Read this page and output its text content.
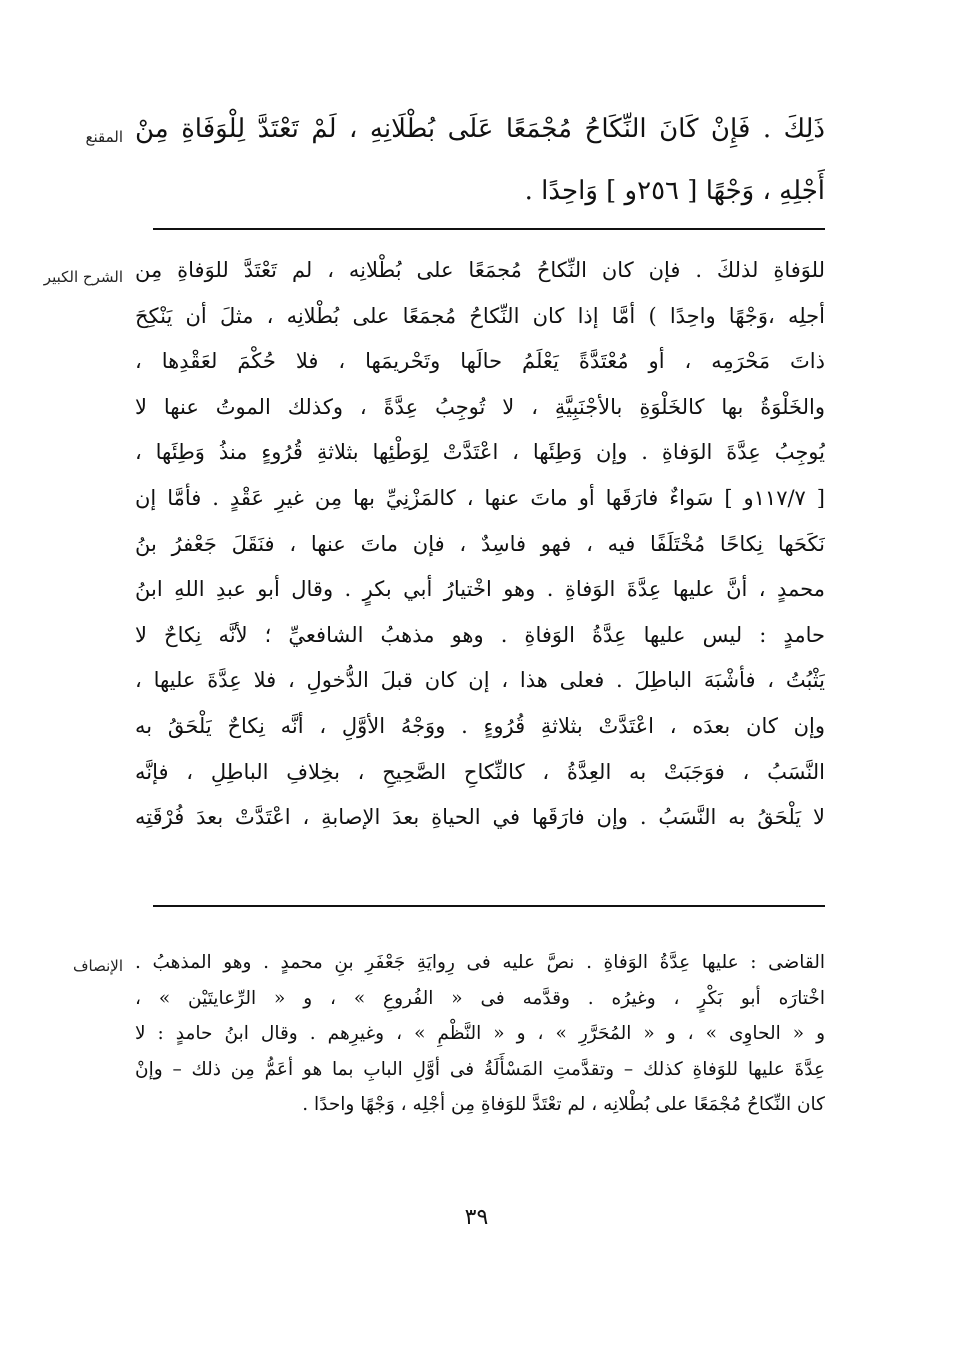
المقنع ذَلِكَ . فَإِنْ كَانَ النِّكَاحُ مُجْمَعًا عَلَى بُطْلَانِهِ ، لَمْ تَعْتَدَّ لِلْوَفَاةِ مِنْ
أَجْلِهِ ، وَجْهًا [ ٢٥٦و ] وَاحِدًا .
الشرح الكبير للوَفاةِ لذلكَ . فإن كان النِّكاحُ مُجمَعًا على بُطْلانِه ، لم تَعْتَدَّ للوَفاةِ مِن
أجلِه ،وَجْهًا واحِدًا ) أمَّا إذا كان النِّكاحُ مُجمَعًا على بُطْلانِه ، مثلَ أن يَنْكِحَ
ذاتَ مَحْرَمِه ، أو مُعْتَدَّةً يَعْلَمُ حالَها وتَحْريمَها ، فلا حُكْمَ لعَقْدِها ،
والخَلْوَةُ بها كالخَلْوَةِ بالأجْنَبِيَّةِ ، لا تُوجِبُ عِدَّةً ، وكذلك الموتُ عنها لا
يُوجِبُ عِدَّةَ الوَفاةِ . وإن وَطِئَها ، اعْتَدَّتْ لِوَطْئِها بثلاثةِ قُرُوءٍ منذُ وَطِئَها ،
[ ١١٧/٧و ] سَواءٌ فارَقَها أو ماتَ عنها ، كالمَزْنِيِّ بها مِن غيرِ عَقْدٍ . فأمَّا إن
نَكَحَها نِكاحًا مُخْتَلَفًا فيه ، فهو فاسِدٌ ، فإن ماتَ عنها ، فنَقَلَ جَعْفرُ بنُ
محمدٍ ، أنَّ عليها عِدَّةَ الوَفاةِ . وهو اخْتيارُ أبي بكرٍ . وقال أبو عبدِ اللهِ ابنُ
حامدٍ : ليس عليها عِدَّةُ الوَفاةِ . وهو مذهبُ الشافعيِّ ؛ لأنَّه نِكاحٌ لا
يَثْبُتُ ، فأشْبَهَ الباطِلَ . فعلى هذا ، إن كان قبلَ الدُّخولِ ، فلا عِدَّةَ عليها ،
وإن كان بعدَه ، اعْتَدَّتْ بثلاثةِ قُرُوءٍ . ووَجْهُ الأوَّلِ ، أنَّه نِكاحٌ يَلْحَقُ به
النَّسَبُ ، فوَجَبَتْ به العِدَّةُ ، كالنِّكاحِ الصَّحِيحِ ، بخِلافِ الباطِلِ ، فإنَّه
لا يَلْحَقُ به النَّسَبُ . وإن فارَقَها في الحياةِ بعدَ الإصابةِ ، اعْتَدَّتْ بعدَ فُرْقَتِه
الإنصاف القاضى : عليها عِدَّةُ الوَفاةِ . نصَّ عليه فى رِوايَةِ جَعْفَرِ بنِ محمدٍ . وهو المذهبُ .
اخْتارَه أبو بَكْرٍ ، وغيرُه . وقدَّمه فى « الفُروعِ » ، و « الرِّعايتَيْن » ،
و « الحاوِى » ، و « المُحَرَّرِ » ، و « النَّظْمِ » ، وغيرِهم . وقال ابنُ حامدٍ : لا
عِدَّةَ عليها للوَفاةِ كذلك – وتقدَّمتِ المَسْأَلَةُ فى أوَّلِ البابِ بما هو أعَمُّ مِن ذلك – وإنْ
كان النِّكاحُ مُجْمَعًا على بُطْلانِه ، لم تعْتَدَّ للوَفاةِ مِن أجْلِه ، وَجْهًا واحدًا .
٣٩
